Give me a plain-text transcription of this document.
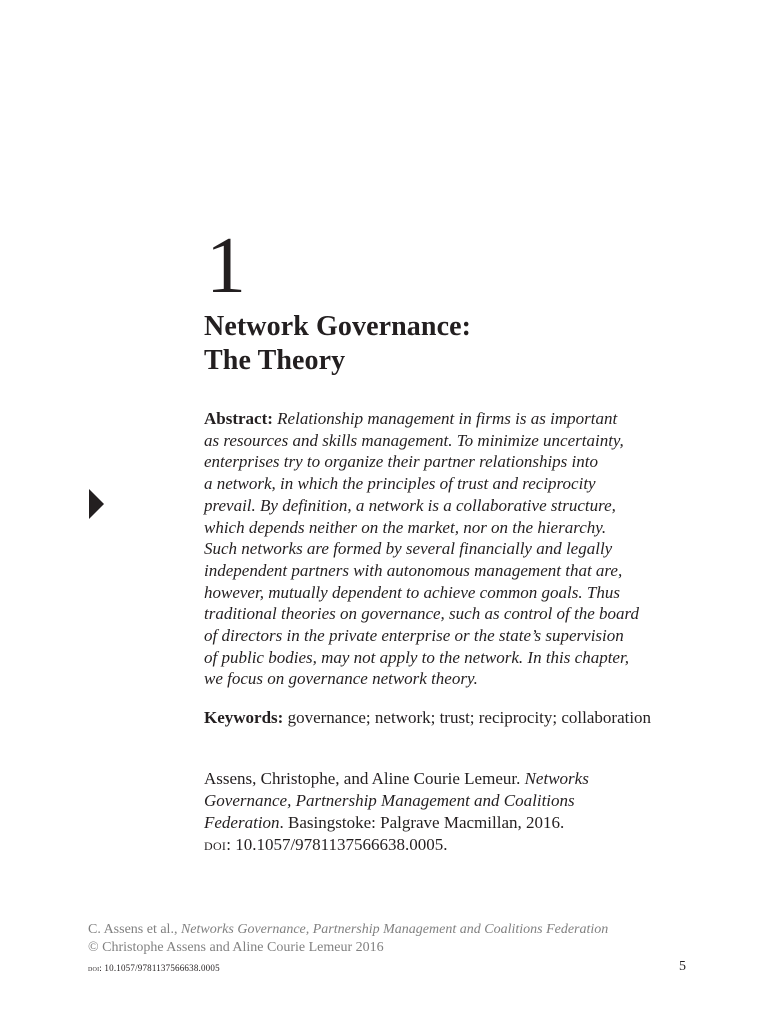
1
Network Governance:
The Theory

Abstract: Relationship management in firms is as important
as resources and skills management. To minimize uncertainty,
enterprises try to organize their partner relationships into
a network, in which the principles of trust and reciprocity
prevail. By definition, a network is a collaborative structure,
which depends neither on the market, nor on the hierarchy.
Such networks are formed by several financially and legally
independent partners with autonomous management that are,
however, mutually dependent to achieve common goals. Thus
traditional theories on governance, such as control of the board
of directors in the private enterprise or the state’s supervision
of public bodies, may not apply to the network. In this chapter,
we focus on governance network theory.

Keywords: governance; network; trust; reciprocity; collaboration

Assens, Christophe, and Aline Courie Lemeur. Networks
Governance, Partnership Management and Coalitions
Federation. Basingstoke: Palgrave Macmillan, 2016.
doi: 10.1057/9781137566638.0005.

C. Assens et al., Networks Governance, Partnership Management and Coalitions Federation
© Christophe Assens and Aline Courie Lemeur 2016

doi: 10.1057/9781137566638.0005	5
